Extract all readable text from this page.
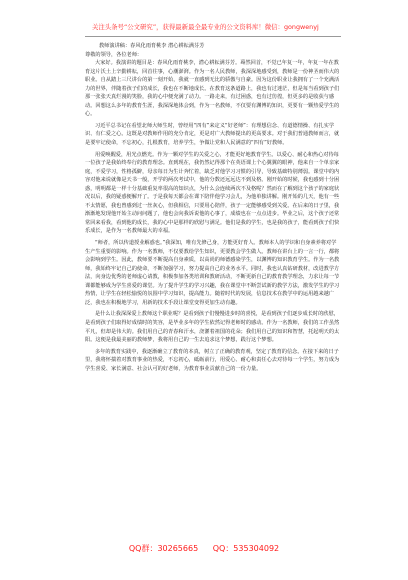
关注头条号“公文研究”，获得最新最全最专业的公文资料库！微信：gongwenyj

教师演讲稿：春风化雨育桃李 潜心耕耘满芬芳

尊敬的领导，各位老师：

大家好。我演讲的题目是：春风化雨育桃李，潜心耕耘满芬芳。蓦然回首，不觉已年复一年，年复一年在教育这片沃土上辛勤耕耘，回首往事，心潮澎湃。作为一名人民教师，我深深地感受到，教师是一份神圣而伟大的职业。自从踏上三尺讲台的第一刻开始，我就一直感到无比的骄傲与自豪。因为这份职业让我拥有了一个充满活力的世界，伴随着孩子们的成长，我也在不断地成长。在教育这条道路上，我也有过迷茫，但是每当看到孩子们那一张张天真烂漫的笑脸，我的心中便充满了动力。一路走来，有过困惑，也有过彷徨，但更多的是收获与感动。回想这么多年的教育生涯，我深深地体会到，作为一名教师，不仅要有渊博的知识，更要有一颗热爱学生的心。

习近平总书记在看望北师大师生时，曾经用“四有”来定义“好老师”：有理想信念、有道德情操、有扎实学识、有仁爱之心。这既是对教师作用的充分肯定，更是对广大教师提出的更高要求。对于我们普通教师而言，就是要牢记使命，不忘初心，扎根教育，培养学生，争做让党和人民满意的“四有”好教师。

用爱唤醒爱，用光点燃光。作为一颗对学生的关爱之心，才能更好地教育学生。以爱心、耐心和热心对待每一位孩子是我始终奉行的教育理念。直到现在，我仍然记得那个在英语课上个心翼翼的眼神，他来自一个单亲家庭，不爱学习，性格孤僻，母亲每日为生计奔忙着，缺乏对他学习习惯的引导，导致基础特别薄弱。课堂中的内容对他来说就像是天书一般，开学的两次考试中，他的分数还远远达不到及格。刚开始的时候，我也感到十分困惑，明明都是一样十分基础重复率很高的知识点，为什么会连续两次不及格呢？然而在了解到这个孩子的家庭状况以后，我的疑惑便解开了。于是我每天都会在课下陪伴他学习会儿，为他单独讲解。刚开始的几天，他有一些不太情愿，我也曾感到过一丝灰心，但我相信，只要用心陪伴，孩子一定能够感受到关爱。在后来的日子里，我渐渐地发现他开始主动问问题了，他也会向我诉说他的心事了，成绩也在一点点进步。毕业之后，这个孩子还常常回来看我，看到他的成长，我的心中是那样的欣慰与满足。他们是我的学生，也是我的孩子，能看到孩子们快乐成长，是作为一名教师最大的幸福。

“师者，所以传道授业解惑也。”我深知，唯有先修己身，方能更好育人。教师本人的学识和自身素养将对学生产生重要的影响。作为一名教师，不仅要教给学生知识，更要教会学生做人。教师在讲台上的一言一行，都将会影响到学生。因此，教师要不断提高自身素质，以高尚的师德感染学生，以渊博的知识教育学生。作为一名教师，我始终牢记自己的使命，不断加强学习，努力提高自己的业务水平。同时，我也认真钻研教材，改进教学方法，向身边优秀的老师虚心请教，积极参加各类培训和教研活动，不断更新自己的教育教学理念，力求让每一节课都能够成为学生喜爱的课堂。为了提升学生的学习兴趣，我在课堂中不断尝试新的教学方法，激发学生的学习热情，让学生在轻松愉悦的氛围中学习知识，提高能力。随着时代的发展，信息技术在教学中的运用越来越广泛，我也在积极地学习，用新的技术手段让课堂变得更加生动有趣。

是什么让我深深爱上教师这个职业呢？是看到孩子们慢慢进步时的喜悦，是看到孩子们逐步成长时的欣慰，是看到孩子们取得好成绩时的笑容，是毕业多年的学生依然记得老师时的感动。作为一名教师，我们的工作虽然平凡，但却是伟大的。我们用自己的青春和汗水，浇灌着祖国的花朵；我们用自己的知识和智慧，托起明天的太阳。这便是我最美丽的教师梦，我将用自己的一生去追求这个梦想，践行这个梦想。

多年的教育实践中，我逐渐确立了教育的本真，树立了正确的教育观，坚定了教育的信念。在接下来的日子里，我将怀揣着对教育事业的热爱，不忘初心，砥砺前行，用爱心、耐心和责任心去对待每一个学生，努力成为学生喜爱、家长满意、社会认可的好老师，为教育事业贡献自己的一份力量。

QQ群：30265665 QQ：535304092
